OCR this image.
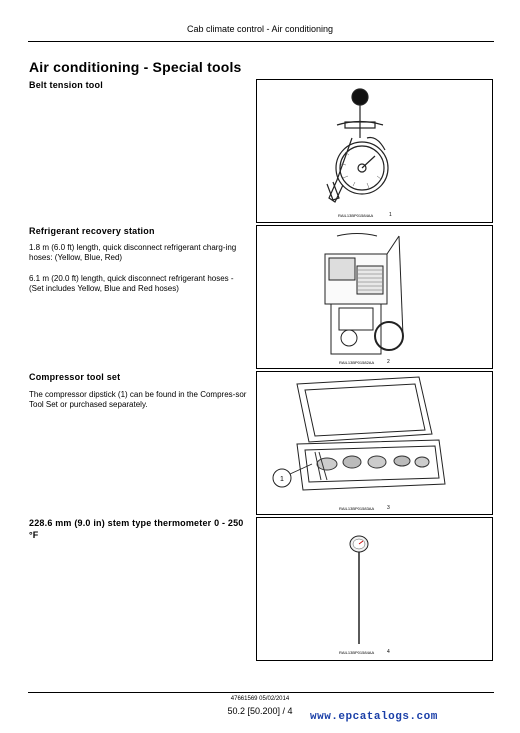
Cab climate control - Air conditioning
Air conditioning - Special tools
Belt tension tool
RAIL13BP01584AA	1
Refrigerant recovery station
1.8 m (6.0 ft) length, quick disconnect refrigerant charg-ing hoses: (Yellow, Blue, Red)
6.1 m (20.0 ft) length, quick disconnect refrigerant hoses - (Set includes Yellow, Blue and Red hoses)
RAIL13BP01582AA	2
Compressor tool set
The compressor dipstick (1) can be found in the Compres-sor Tool Set or purchased separately.
1
RAIL13BP01583AA	3
228.6 mm (9.0 in) stem type thermometer 0 - 250 °F
RAIL13BP01584AA	4
47661569 05/02/2014
50.2 [50.200] / 4	www.epcatalogs.com
